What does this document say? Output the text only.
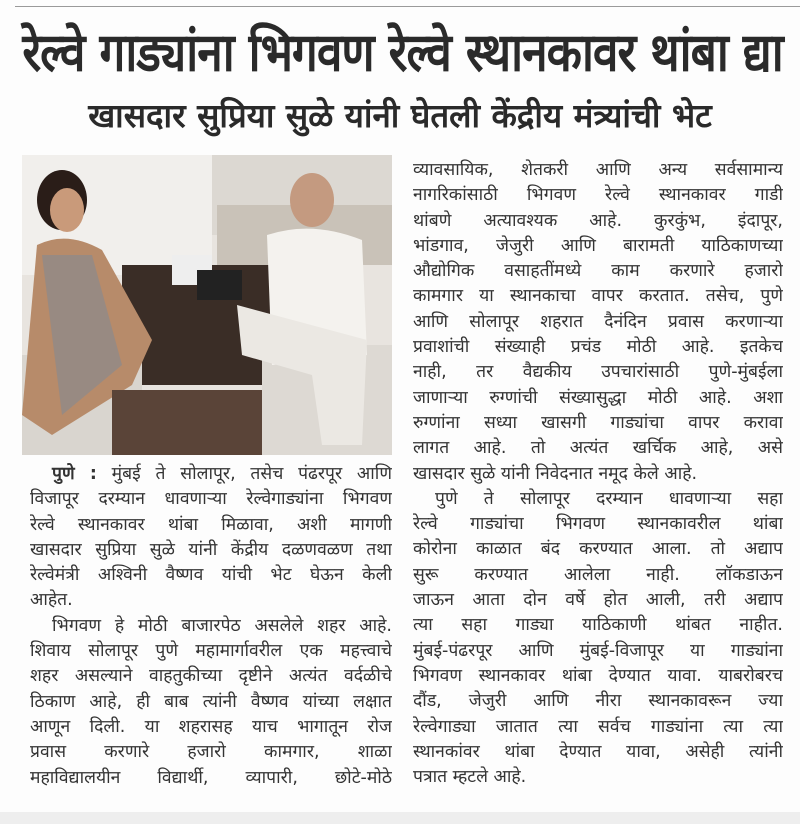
रेल्वे गाड्यांना भिगवण रेल्वे स्थानकावर थांबा द्या
खासदार सुप्रिया सुळे यांनी घेतली केंद्रीय मंत्र्यांची भेट
पुणे : मुंबई ते सोलापूर, तसेच पंढरपूर आणि
विजापूर दरम्यान धावणाऱ्या रेल्वेगाड्यांना भिगवण
रेल्वे स्थानकावर थांबा मिळावा, अशी मागणी
खासदार सुप्रिया सुळे यांनी केंद्रीय दळणवळण तथा
रेल्वेमंत्री अश्विनी वैष्णव यांची भेट घेऊन केली
आहेत.
भिगवण हे मोठी बाजारपेठ असलेले शहर आहे.
शिवाय सोलापूर पुणे महामार्गावरील एक महत्त्वाचे
शहर असल्याने वाहतुकीच्या दृष्टीने अत्यंत वर्दळीचे
ठिकाण आहे, ही बाब त्यांनी वैष्णव यांच्या लक्षात
आणून दिली. या शहरासह याच भागातून रोज
प्रवास करणारे हजारो कामगार, शाळा
महाविद्यालयीन विद्यार्थी, व्यापारी, छोटे-मोठे
व्यावसायिक, शेतकरी आणि अन्य सर्वसामान्य
नागरिकांसाठी भिगवण रेल्वे स्थानकावर गाडी
थांबणे अत्यावश्यक आहे. कुरकुंभ, इंदापूर,
भांडगाव, जेजुरी आणि बारामती याठिकाणच्या
औद्योगिक वसाहतींमध्ये काम करणारे हजारो
कामगार या स्थानकाचा वापर करतात. तसेच, पुणे
आणि सोलापूर शहरात दैनंदिन प्रवास करणाऱ्या
प्रवाशांची संख्याही प्रचंड मोठी आहे. इतकेच
नाही, तर वैद्यकीय उपचारांसाठी पुणे-मुंबईला
जाणाऱ्या रुग्णांची संख्यासुद्धा मोठी आहे. अशा
रुग्णांना सध्या खासगी गाड्यांचा वापर करावा
लागत आहे. तो अत्यंत खर्चिक आहे, असे
खासदार सुळे यांनी निवेदनात नमूद केले आहे.
पुणे ते सोलापूर दरम्यान धावणाऱ्या सहा
रेल्वे गाड्यांचा भिगवण स्थानकावरील थांबा
कोरोना काळात बंद करण्यात आला. तो अद्याप
सुरू करण्यात आलेला नाही. लॉकडाऊन
जाऊन आता दोन वर्षे होत आली, तरी अद्याप
त्या सहा गाड्या याठिकाणी थांबत नाहीत.
मुंबई-पंढरपूर आणि मुंबई-विजापूर या गाड्यांना
भिगवण स्थानकावर थांबा देण्यात यावा. याबरोबरच
दौंड, जेजुरी आणि नीरा स्थानकावरून ज्या
रेल्वेगाड्या जातात त्या सर्वच गाड्यांना त्या त्या
स्थानकांवर थांबा देण्यात यावा, असेही त्यांनी
पत्रात म्हटले आहे.
